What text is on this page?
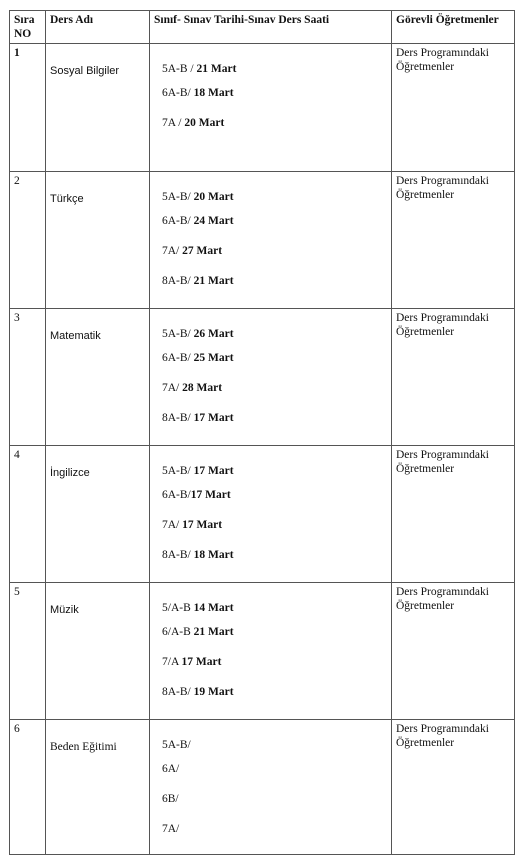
Sıra NO	Ders Adı	Sınıf- Sınav Tarihi-Sınav Ders Saati	Görevli Öğretmenler
1	Sosyal Bilgiler	5A-B / 21 Mart
6A-B/ 18 Mart
7A / 20 Mart	Ders Programındaki Öğretmenler
2	Türkçe	5A-B/ 20 Mart
6A-B/ 24 Mart
7A/ 27 Mart
8A-B/ 21 Mart	Ders Programındaki Öğretmenler
3	Matematik	5A-B/ 26 Mart
6A-B/ 25 Mart
7A/ 28 Mart
8A-B/ 17 Mart	Ders Programındaki Öğretmenler
4	İngilizce	5A-B/ 17 Mart
6A-B/17 Mart
7A/ 17 Mart
8A-B/ 18 Mart	Ders Programındaki Öğretmenler
5	Müzik	5/A-B 14 Mart
6/A-B 21 Mart
7/A 17 Mart
8A-B/ 19 Mart	Ders Programındaki Öğretmenler
6	Beden Eğitimi	5A-B/
6A/
6B/
7A/	Ders Programındaki Öğretmenler
